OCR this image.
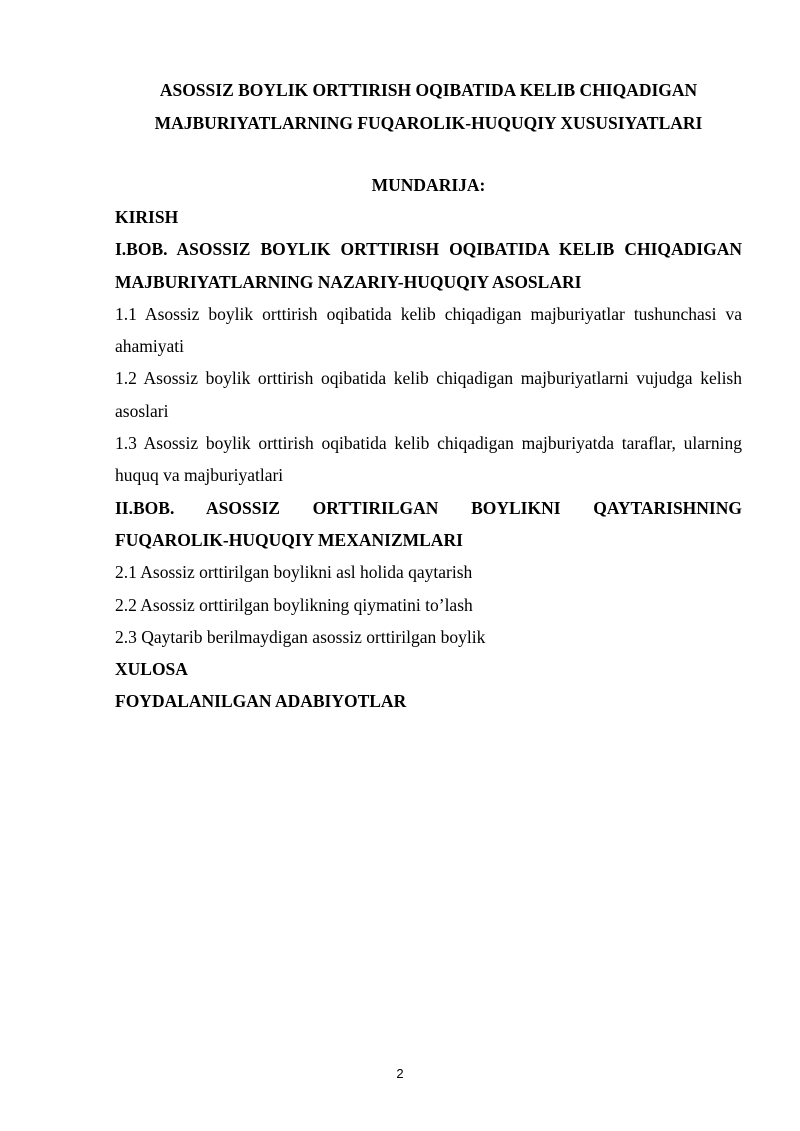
ASOSSIZ BOYLIK ORTTIRISH OQIBATIDA KELIB CHIQADIGAN MAJBURIYATLARNING FUQAROLIK-HUQUQIY XUSUSIYATLARI
MUNDARIJA:
KIRISH
I.BOB. ASOSSIZ BOYLIK ORTTIRISH OQIBATIDA KELIB CHIQADIGAN MAJBURIYATLARNING NAZARIY-HUQUQIY ASOSLARI
1.1 Asossiz boylik orttirish oqibatida kelib chiqadigan majburiyatlar tushunchasi va ahamiyati
1.2 Asossiz boylik orttirish oqibatida kelib chiqadigan majburiyatlarni vujudga kelish asoslari
1.3 Asossiz boylik orttirish oqibatida kelib chiqadigan majburiyatda taraflar, ularning huquq va majburiyatlari
II.BOB. ASOSSIZ ORTTIRILGAN BOYLIKNI QAYTARISHNING FUQAROLIK-HUQUQIY MEXANIZMLARI
2.1 Asossiz orttirilgan boylikni asl holida qaytarish
2.2 Asossiz orttirilgan boylikning qiymatini to’lash
2.3 Qaytarib berilmaydigan asossiz orttirilgan boylik
XULOSA
FOYDALANILGAN ADABIYOTLAR
2
